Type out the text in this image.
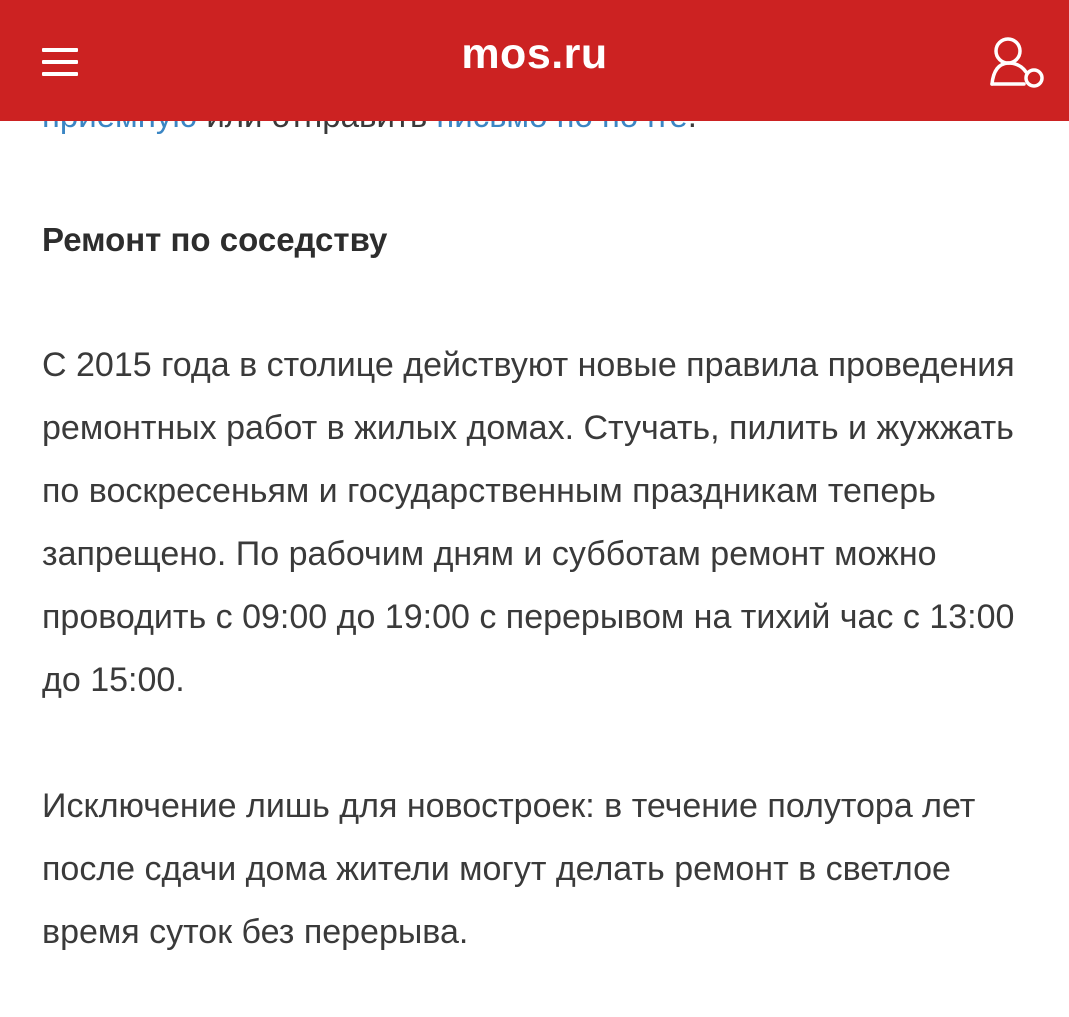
Ремонт по соседству

С 2015 года в столице действуют новые правила проведения ремонтных работ в жилых домах. Стучать, пилить и жужжать по воскресеньям и государственным праздникам теперь запрещено. По рабочим дням и субботам ремонт можно проводить с 09:00 до 19:00 с перерывом на тихий час с 13:00 до 15:00.

Исключение лишь для новостроек: в течение полутора лет после сдачи дома жители могут делать ремонт в светлое время суток без перерыва.

mos.ru
